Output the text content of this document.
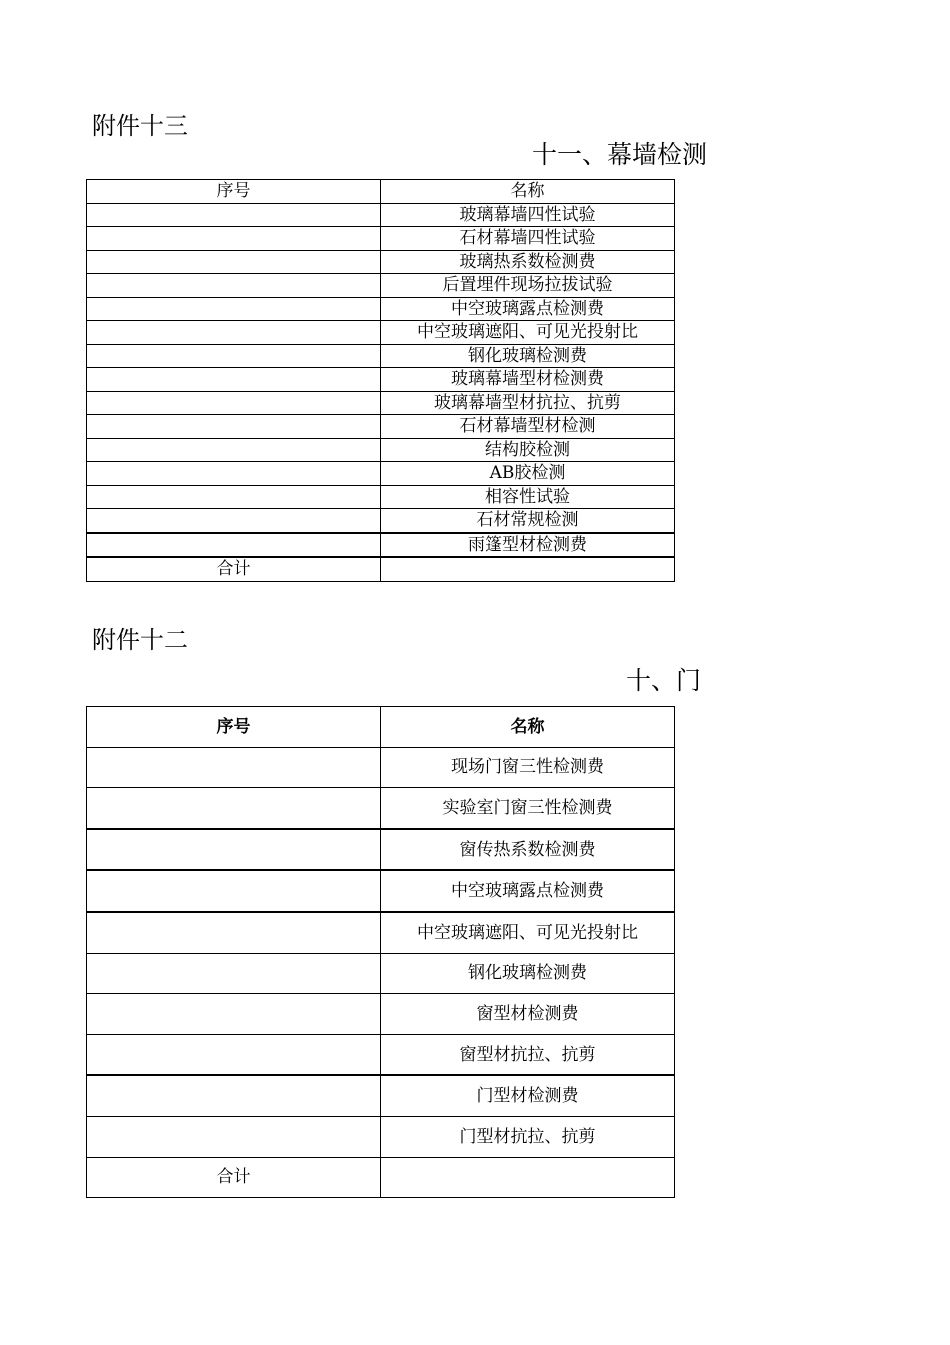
附件十三
十一、幕墙检测
序号	名称
	玻璃幕墙四性试验
	石材幕墙四性试验
	玻璃热系数检测费
	后置埋件现场拉拔试验
	中空玻璃露点检测费
	中空玻璃遮阳、可见光投射比
	钢化玻璃检测费
	玻璃幕墙型材检测费
	玻璃幕墙型材抗拉、抗剪
	石材幕墙型材检测
	结构胶检测
	AB胶检测
	相容性试验
	石材常规检测
	雨篷型材检测费
合计	
附件十二
十、门
序号	名称
	现场门窗三性检测费
	实验室门窗三性检测费
	窗传热系数检测费
	中空玻璃露点检测费
	中空玻璃遮阳、可见光投射比
	钢化玻璃检测费
	窗型材检测费
	窗型材抗拉、抗剪
	门型材检测费
	门型材抗拉、抗剪
合计	
